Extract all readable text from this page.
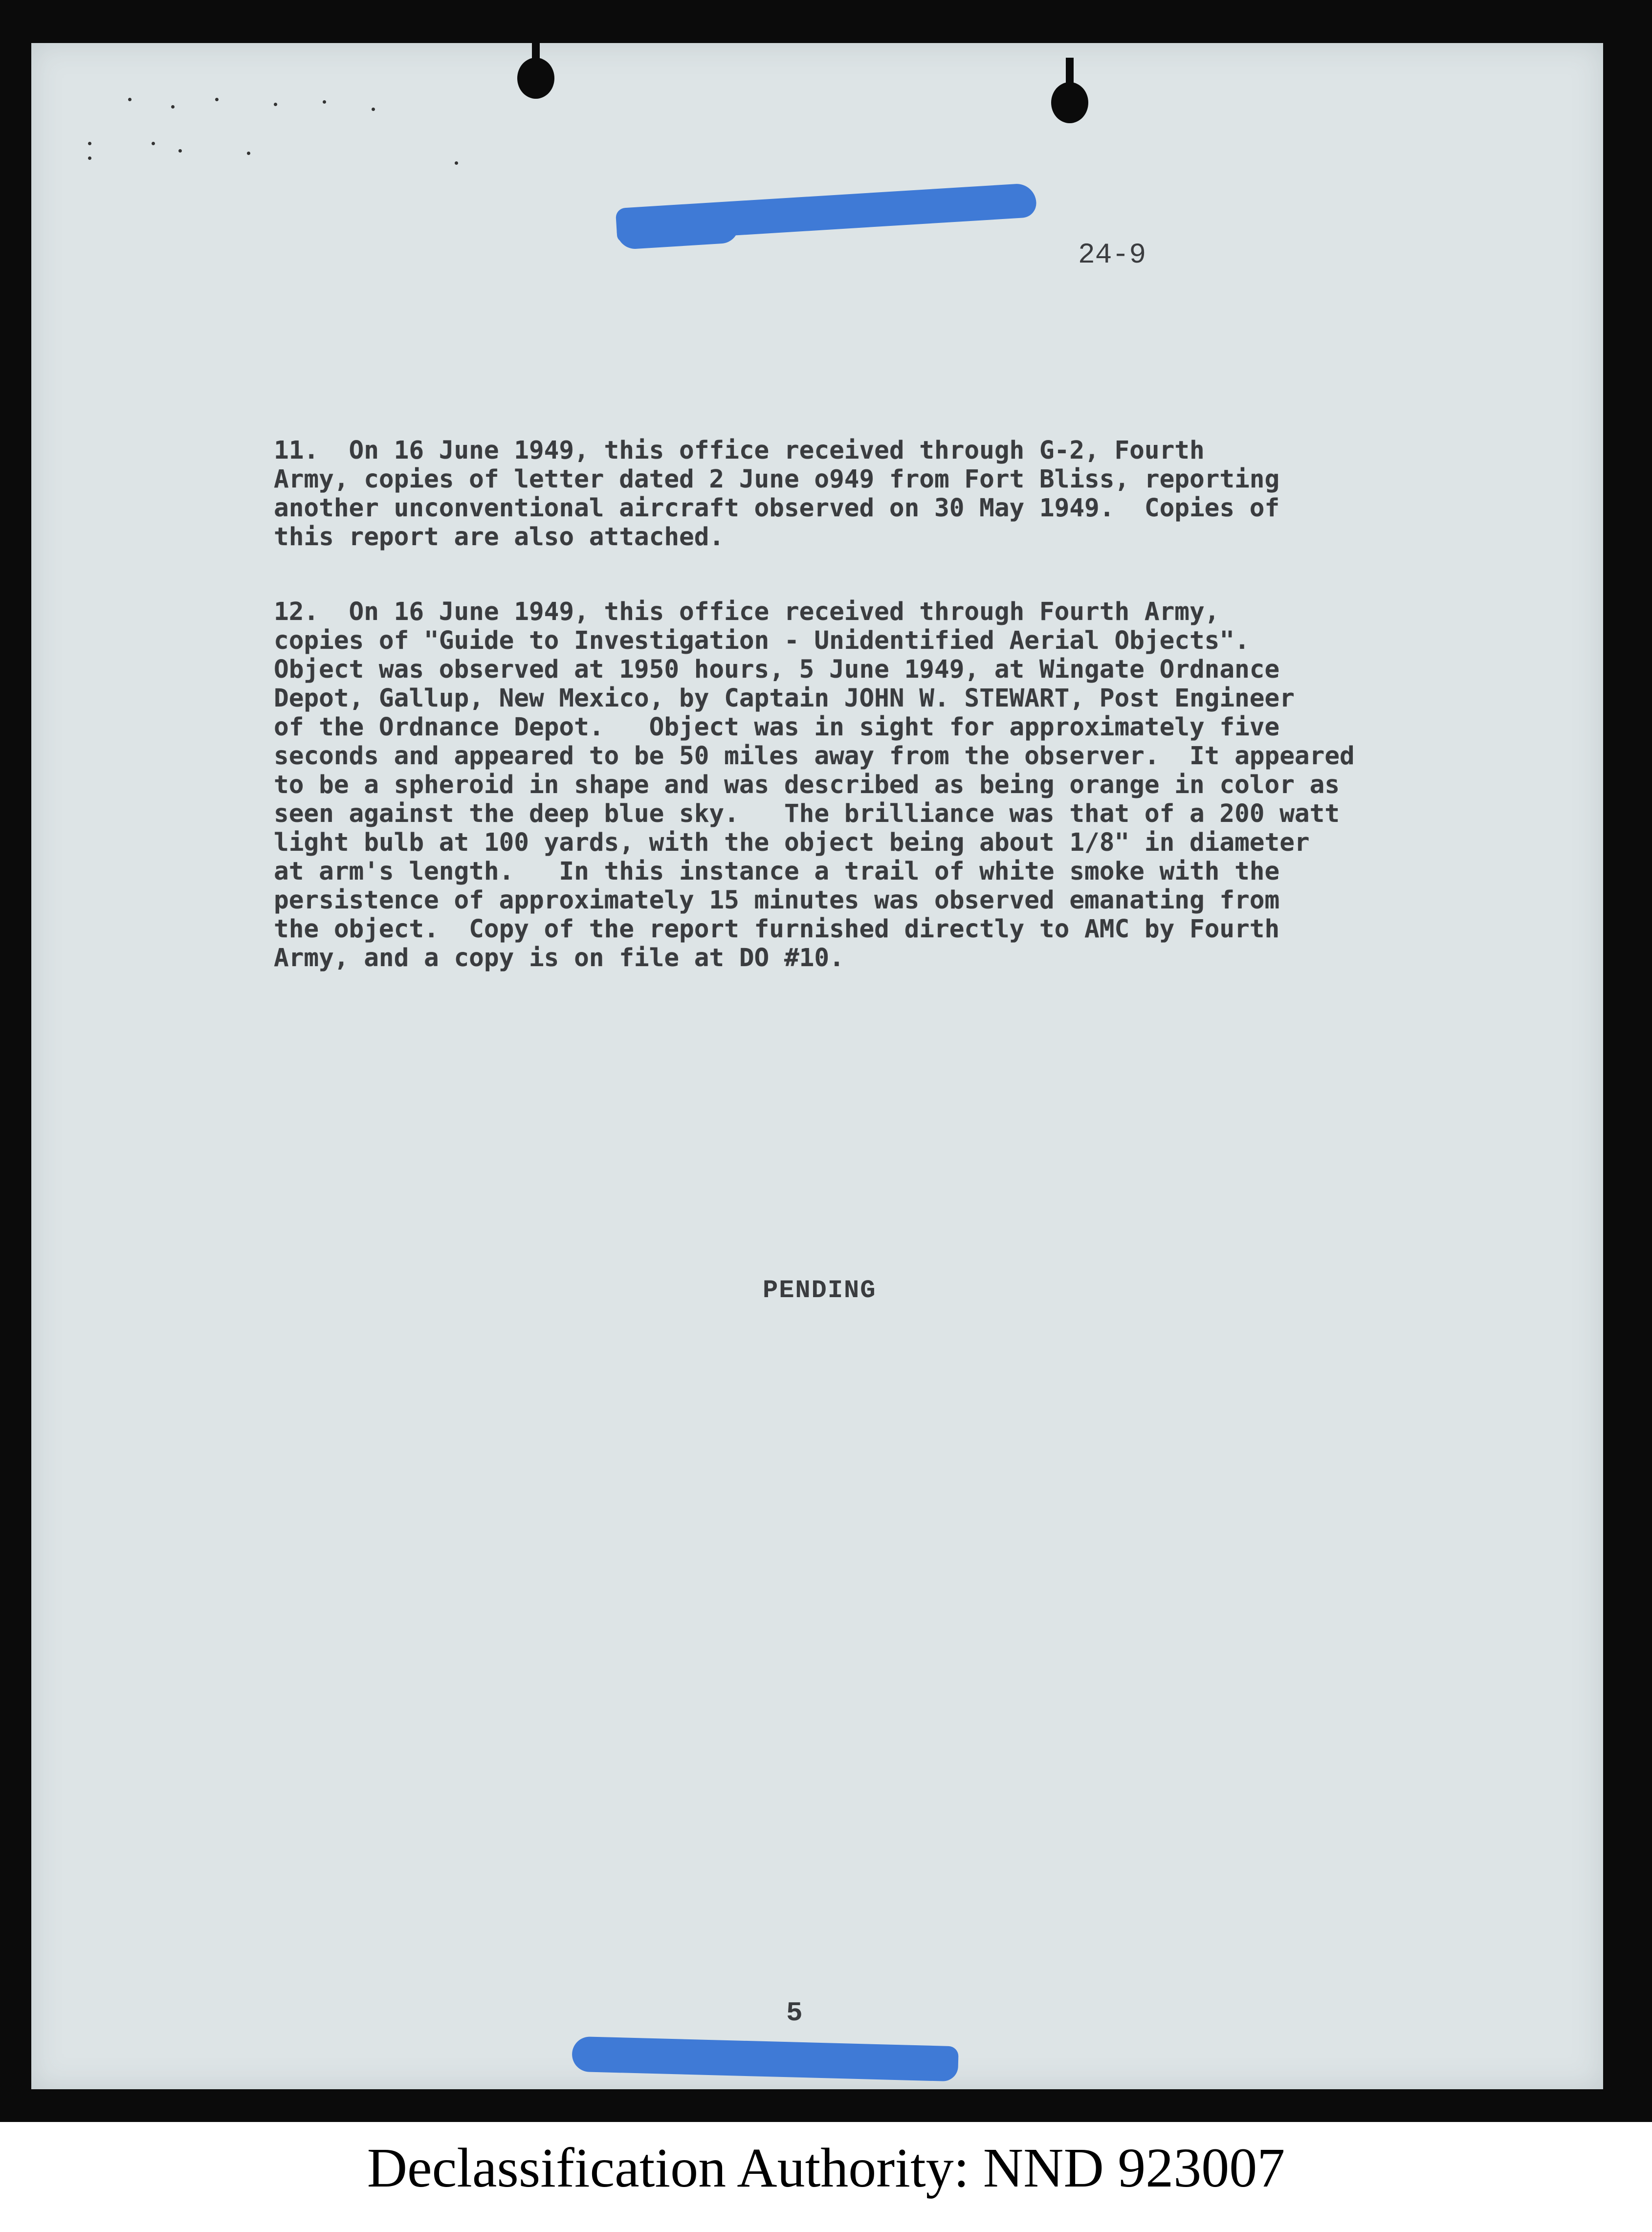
24-9
11.  On 16 June 1949, this office received through G-2, Fourth
Army, copies of letter dated 2 June o949 from Fort Bliss, reporting
another unconventional aircraft observed on 30 May 1949.  Copies of
this report are also attached.
12.  On 16 June 1949, this office received through Fourth Army,
copies of "Guide to Investigation - Unidentified Aerial Objects".
Object was observed at 1950 hours, 5 June 1949, at Wingate Ordnance
Depot, Gallup, New Mexico, by Captain JOHN W. STEWART, Post Engineer
of the Ordnance Depot.   Object was in sight for approximately five
seconds and appeared to be 50 miles away from the observer.  It appeared
to be a spheroid in shape and was described as being orange in color as
seen against the deep blue sky.   The brilliance was that of a 200 watt
light bulb at 100 yards, with the object being about 1/8" in diameter
at arm's length.   In this instance a trail of white smoke with the
persistence of approximately 15 minutes was observed emanating from
the object.  Copy of the report furnished directly to AMC by Fourth
Army, and a copy is on file at DO #10.
PENDING
5
Declassification Authority: NND 923007
